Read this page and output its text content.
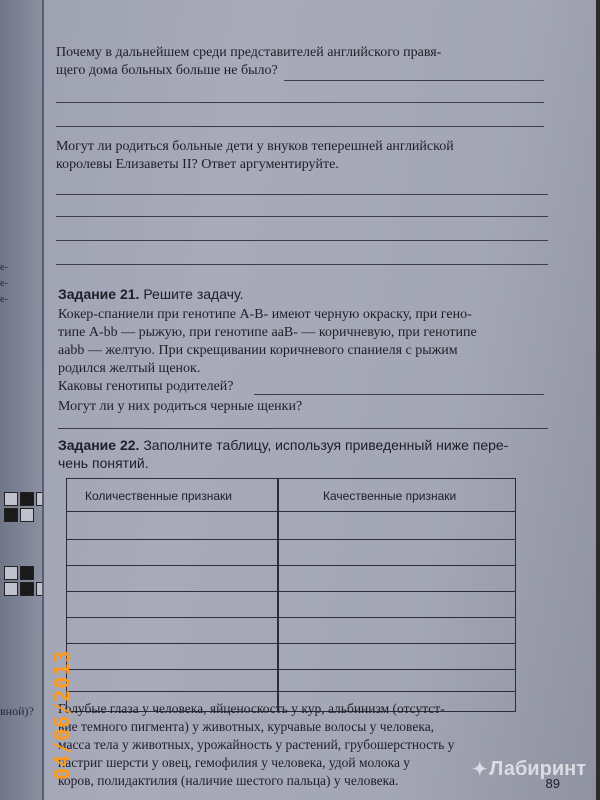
е-
е-
е-
вной)?
Почему в дальнейшем среди представителей английского правя-
щего дома больных больше не было?
Могут ли родиться больные дети у внуков теперешней английской
королевы Елизаветы II? Ответ аргументируйте.
Задание 21. Решите задачу.
Кокер-спаниели при генотипе А-В- имеют черную окраску, при гено-
типе А-bb — рыжую, при генотипе ааВ- — коричневую, при генотипе
ааbb — желтую. При скрещивании коричневого спаниеля с рыжим
родился желтый щенок.
Каковы генотипы родителей?
Могут ли у них родиться черные щенки?
Задание 22. Заполните таблицу, используя приведенный ниже пере-
чень понятий.
Количественные признаки	Качественные признаки
Голубые глаза у человека, яйценоскость у кур, альбинизм (отсутст-
вие темного пигмента) у животных, курчавые волосы у человека,
масса тела у животных, урожайность у растений, грубошерстность у
настриг шерсти у овец, гемофилия у человека, удой молока у
коров, полидактилия (наличие шестого пальца) у человека.	89
04/06/2013	✦ Лабиринт
